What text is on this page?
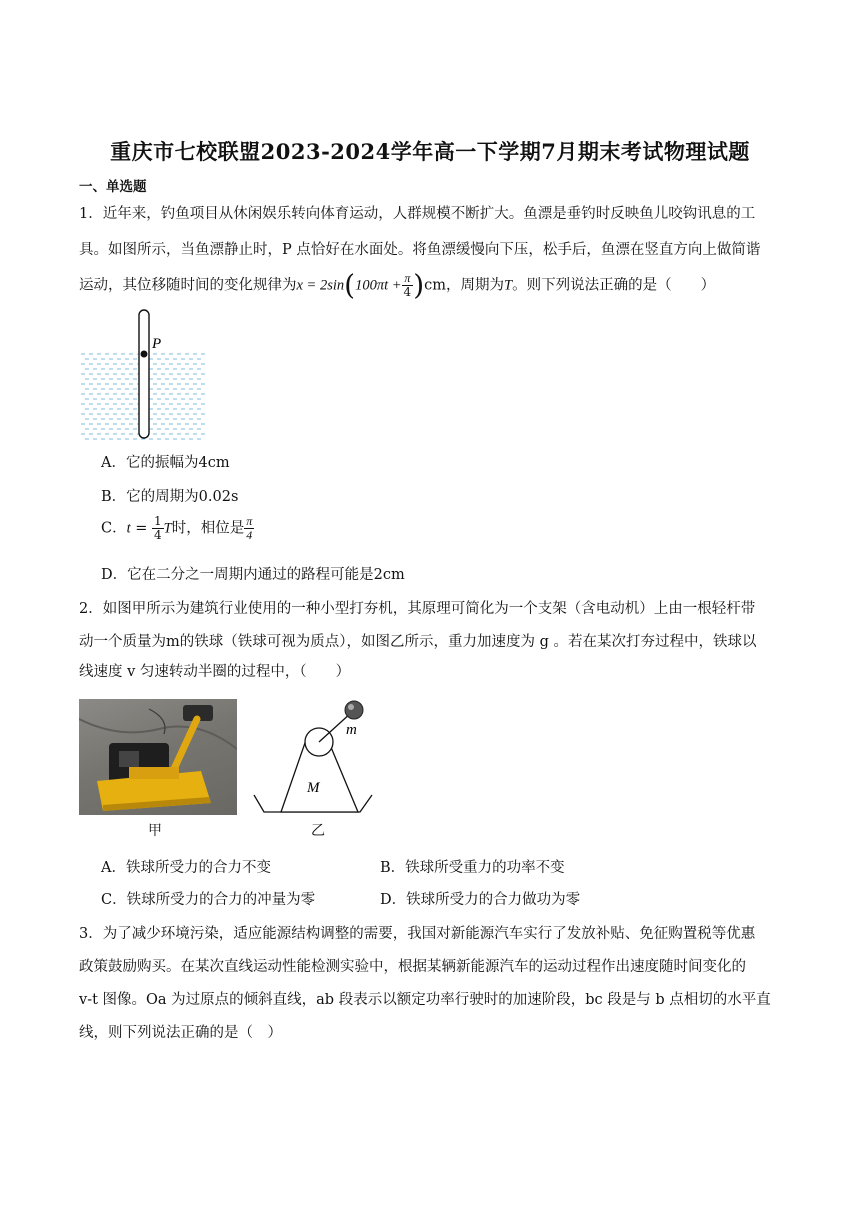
重庆市七校联盟2023-2024学年高一下学期7月期末考试物理试题
一、单选题
1．近年来，钓鱼项目从休闲娱乐转向体育运动，人群规模不断扩大。鱼漂是垂钓时反映鱼儿咬钩讯息的工
具。如图所示，当鱼漂静止时，P 点恰好在水面处。将鱼漂缓慢向下压，松手后，鱼漂在竖直方向上做简谐
运动，其位移随时间的变化规律为$x = 2\sin(100\pi t + \frac{\pi}{4} )cm$，周期为T。则下列说法正确的是（　　）
P
A．它的振幅为4cm
B．它的周期为0.02s
C．$t = \frac{1}{4}$ T时，相位是 $\frac{\pi}{4}$
D．它在二分之一周期内通过的路程可能是2cm
2．如图甲所示为建筑行业使用的一种小型打夯机，其原理可简化为一个支架（含电动机）上由一根轻杆带
动一个质量为m的铁球（铁球可视为质点），如图乙所示，重力加速度为 g 。若在某次打夯过程中，铁球以
线速度 v 匀速转动半圈的过程中，（　　）
甲
m
M
乙
A．铁球所受力的合力不变	B．铁球所受重力的功率不变
C．铁球所受力的合力的冲量为零	D．铁球所受力的合力做功为零
3．为了减少环境污染，适应能源结构调整的需要，我国对新能源汽车实行了发放补贴、免征购置税等优惠
政策鼓励购买。在某次直线运动性能检测实验中，根据某辆新能源汽车的运动过程作出速度随时间变化的
v-t 图像。Oa 为过原点的倾斜直线，ab 段表示以额定功率行驶时的加速阶段，bc 段是与 b 点相切的水平直
线，则下列说法正确的是（　）
